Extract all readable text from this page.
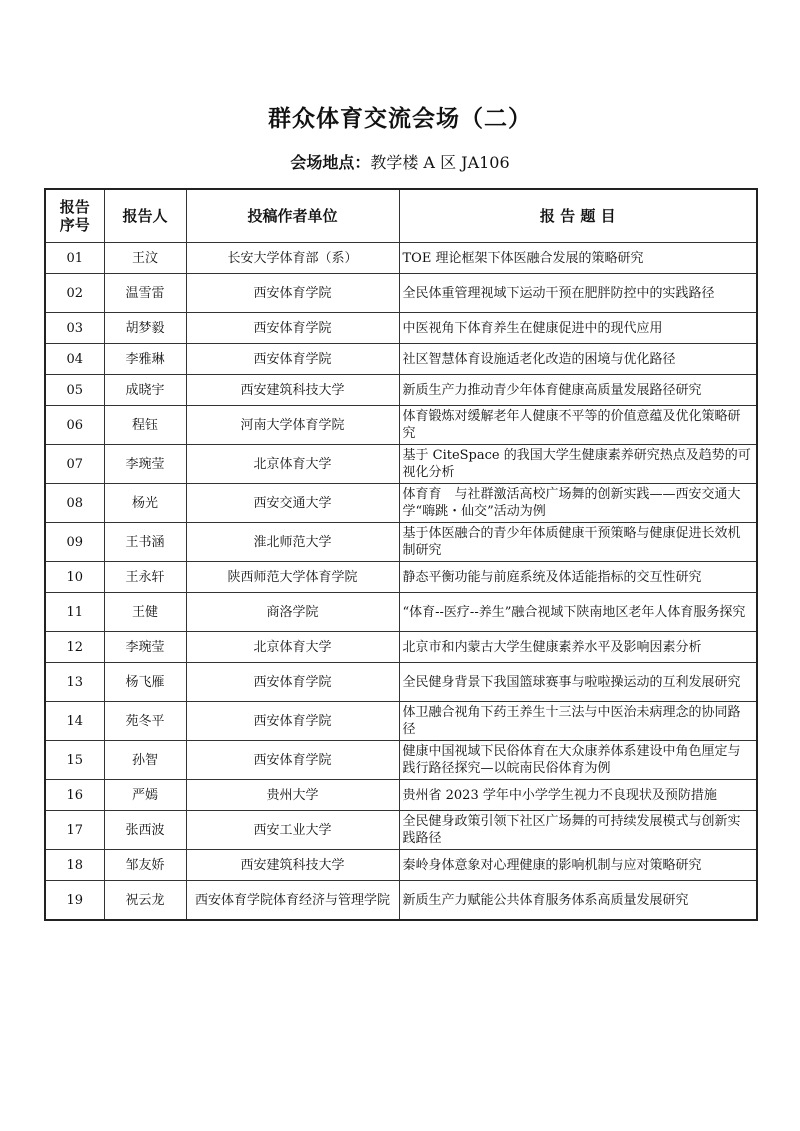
群众体育交流会场（二）
会场地点：教学楼 A 区 JA106
报告序号	报告人	投稿作者单位	报 告 题 目
01	王汶	长安大学体育部（系）	TOE 理论框架下体医融合发展的策略研究
02	温雪雷	西安体育学院	全民体重管理视域下运动干预在肥胖防控中的实践路径
03	胡梦毅	西安体育学院	中医视角下体育养生在健康促进中的现代应用
04	李雅琳	西安体育学院	社区智慧体育设施适老化改造的困境与优化路径
05	成晓宇	西安建筑科技大学	新质生产力推动青少年体育健康高质量发展路径研究
06	程钰	河南大学体育学院	体育锻炼对缓解老年人健康不平等的价值意蕴及优化策略研究
07	李琬莹	北京体育大学	基于 CiteSpace 的我国大学生健康素养研究热点及趋势的可视化分析
08	杨光	西安交通大学	体育育　与社群激活高校广场舞的创新实践——西安交通大学“嗨跳・仙交”活动为例
09	王书涵	淮北师范大学	基于体医融合的青少年体质健康干预策略与健康促进长效机制研究
10	王永轩	陕西师范大学体育学院	静态平衡功能与前庭系统及体适能指标的交互性研究
11	王健	商洛学院	“体育--医疗--养生”融合视域下陕南地区老年人体育服务探究
12	李琬莹	北京体育大学	北京市和内蒙古大学生健康素养水平及影响因素分析
13	杨飞雁	西安体育学院	全民健身背景下我国篮球赛事与啦啦操运动的互利发展研究
14	苑冬平	西安体育学院	体卫融合视角下药王养生十三法与中医治未病理念的协同路径
15	孙智	西安体育学院	健康中国视域下民俗体育在大众康养体系建设中角色厘定与践行路径探究—以皖南民俗体育为例
16	严嫣	贵州大学	贵州省 2023 学年中小学学生视力不良现状及预防措施
17	张西波	西安工业大学	全民健身政策引领下社区广场舞的可持续发展模式与创新实践路径
18	邹友娇	西安建筑科技大学	秦岭身体意象对心理健康的影响机制与应对策略研究
19	祝云龙	西安体育学院体育经济与管理学院	新质生产力赋能公共体育服务体系高质量发展研究
